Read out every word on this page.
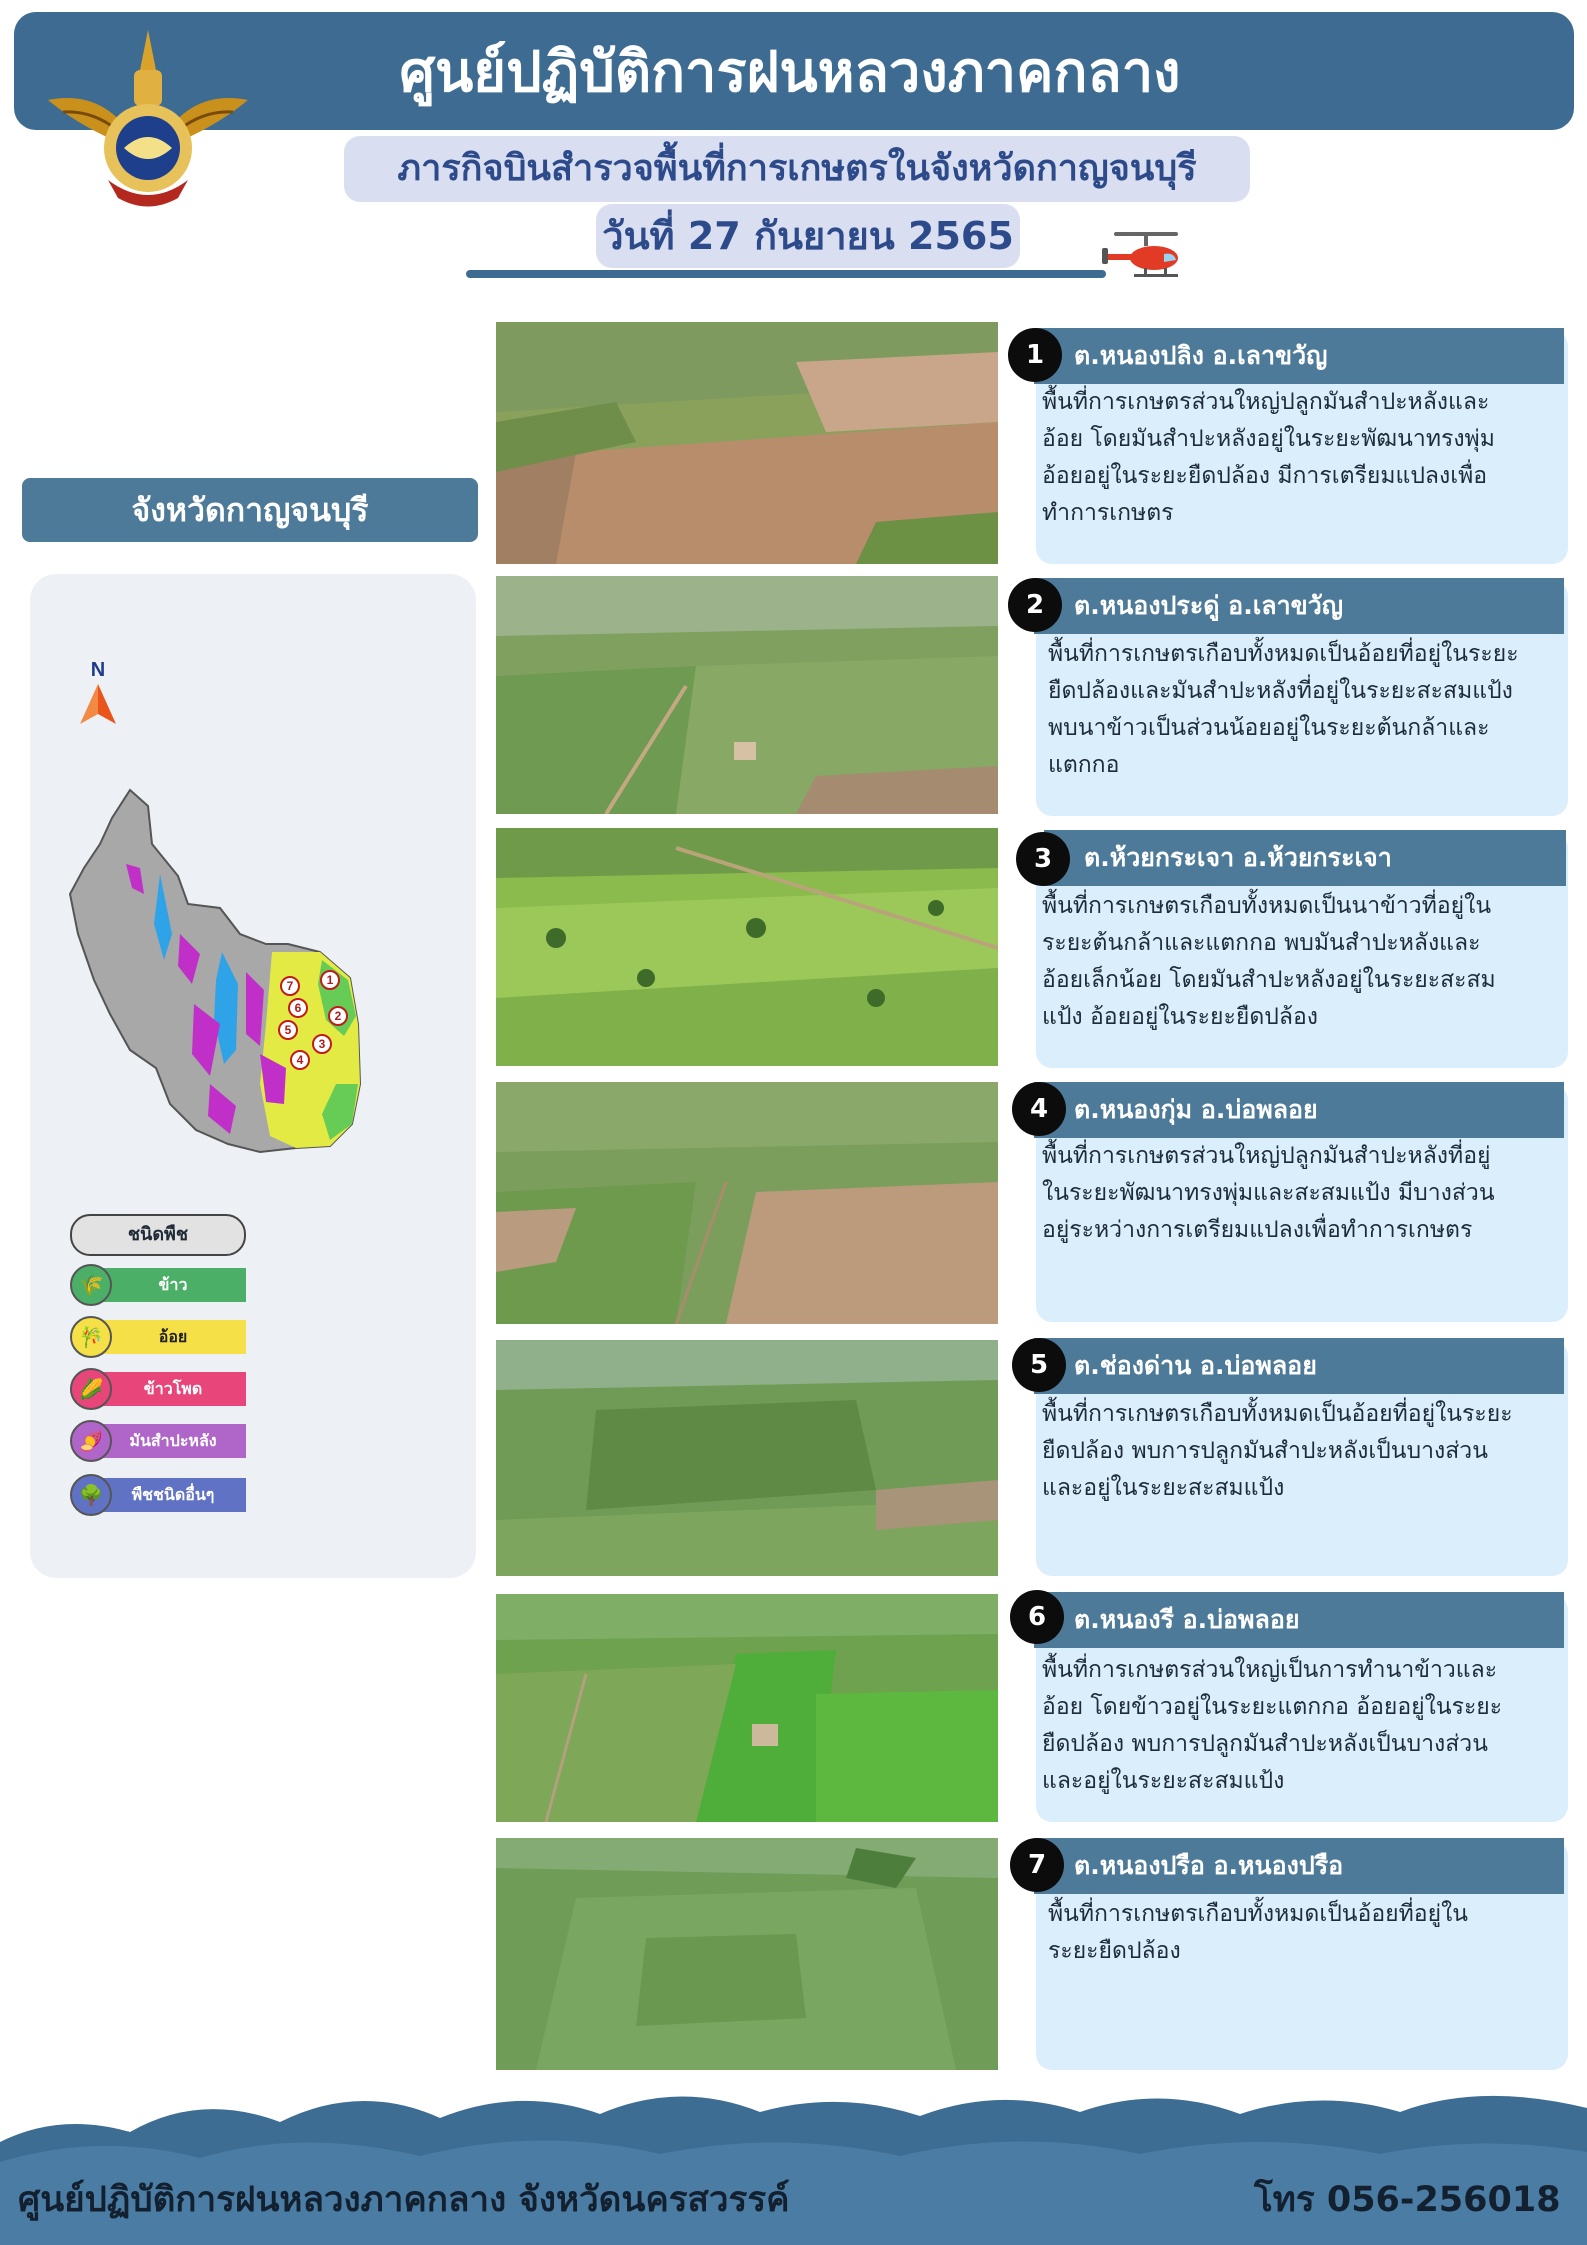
ศูนย์ปฏิบัติการฝนหลวงภาคกลาง
ภารกิจบินสำรวจพื้นที่การเกษตรในจังหวัดกาญจนบุรี
วันที่ 27 กันยายน 2565
จังหวัดกาญจนบุรี
N
1
2
3
4
5
6
7
ชนิดพืช
ข้าว
🌾
อ้อย
🎋
ข้าวโพด
🌽
มันสำปะหลัง
🍠
พืชชนิดอื่นๆ
🌳
ต.หนองปลิง อ.เลาขวัญ
1
พื้นที่การเกษตรส่วนใหญ่ปลูกมันสำปะหลังและ
อ้อย โดยมันสำปะหลังอยู่ในระยะพัฒนาทรงพุ่ม
อ้อยอยู่ในระยะยืดปล้อง มีการเตรียมแปลงเพื่อ
ทำการเกษตร
ต.หนองประดู่ อ.เลาขวัญ
2
พื้นที่การเกษตรเกือบทั้งหมดเป็นอ้อยที่อยู่ในระยะ
ยืดปล้องและมันสำปะหลังที่อยู่ในระยะสะสมแป้ง
พบนาข้าวเป็นส่วนน้อยอยู่ในระยะต้นกล้าและ
แตกกอ
ต.ห้วยกระเจา อ.ห้วยกระเจา
3
พื้นที่การเกษตรเกือบทั้งหมดเป็นนาข้าวที่อยู่ใน
ระยะต้นกล้าและแตกกอ พบมันสำปะหลังและ
อ้อยเล็กน้อย โดยมันสำปะหลังอยู่ในระยะสะสม
แป้ง อ้อยอยู่ในระยะยืดปล้อง
ต.หนองกุ่ม อ.บ่อพลอย
4
พื้นที่การเกษตรส่วนใหญ่ปลูกมันสำปะหลังที่อยู่
ในระยะพัฒนาทรงพุ่มและสะสมแป้ง มีบางส่วน
อยู่ระหว่างการเตรียมแปลงเพื่อทำการเกษตร
ต.ช่องด่าน อ.บ่อพลอย
5
พื้นที่การเกษตรเกือบทั้งหมดเป็นอ้อยที่อยู่ในระยะ
ยืดปล้อง พบการปลูกมันสำปะหลังเป็นบางส่วน
และอยู่ในระยะสะสมแป้ง
ต.หนองรี อ.บ่อพลอย
6
พื้นที่การเกษตรส่วนใหญ่เป็นการทำนาข้าวและ
อ้อย โดยข้าวอยู่ในระยะแตกกอ อ้อยอยู่ในระยะ
ยืดปล้อง พบการปลูกมันสำปะหลังเป็นบางส่วน
และอยู่ในระยะสะสมแป้ง
ต.หนองปรือ อ.หนองปรือ
7
พื้นที่การเกษตรเกือบทั้งหมดเป็นอ้อยที่อยู่ใน
ระยะยืดปล้อง
ศูนย์ปฏิบัติการฝนหลวงภาคกลาง จังหวัดนครสวรรค์	โทร 056-256018
